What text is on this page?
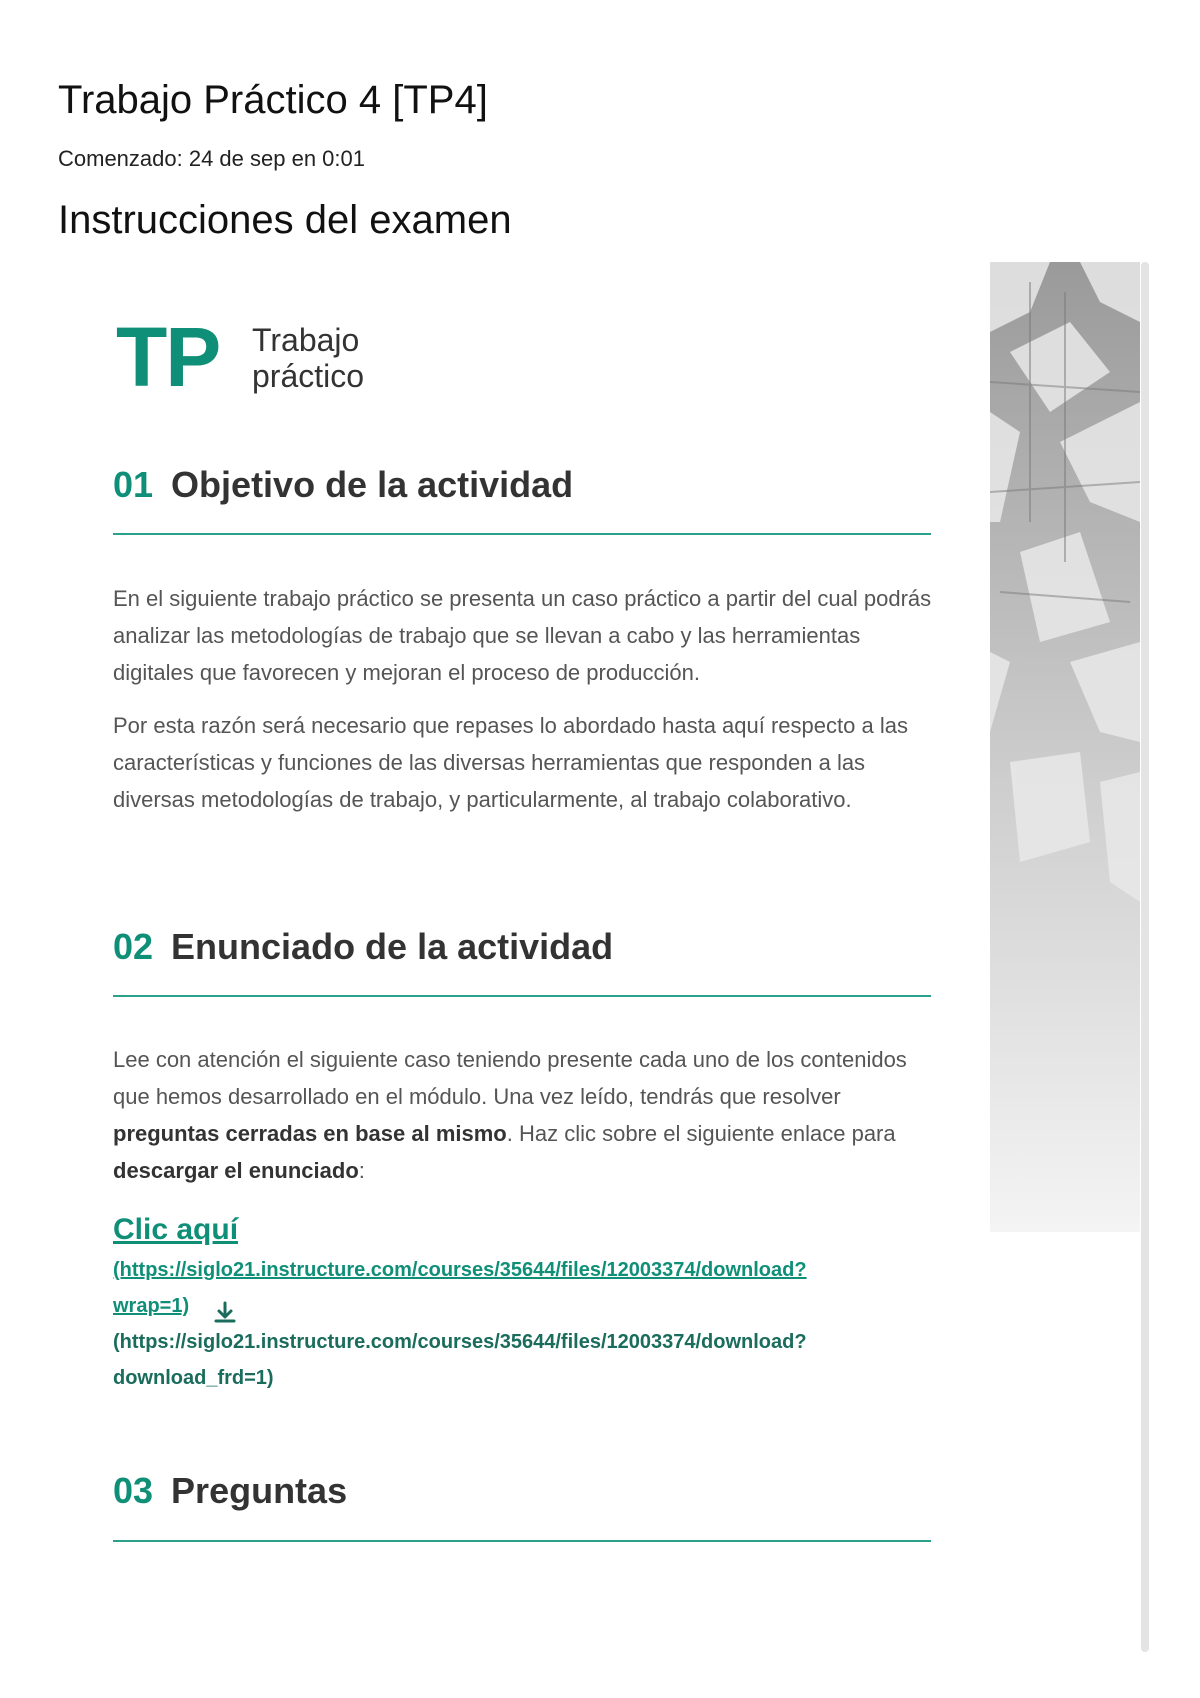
Trabajo Práctico 4 [TP4]
Comenzado: 24 de sep en 0:01
Instrucciones del examen
TP Trabajo
práctico
01 Objetivo de la actividad

En el siguiente trabajo práctico se presenta un caso práctico a partir del cual podrás analizar las metodologías de trabajo que se llevan a cabo y las herramientas digitales que favorecen y mejoran el proceso de producción.

Por esta razón será necesario que repases lo abordado hasta aquí respecto a las características y funciones de las diversas herramientas que responden a las diversas metodologías de trabajo, y particularmente, al trabajo colaborativo.

02 Enunciado de la actividad

Lee con atención el siguiente caso teniendo presente cada uno de los contenidos que hemos desarrollado en el módulo. Una vez leído, tendrás que resolver preguntas cerradas en base al mismo. Haz clic sobre el siguiente enlace para descargar el enunciado:

Clic aquí
(https://siglo21.instructure.com/courses/35644/files/12003374/download?
wrap=1)
(https://siglo21.instructure.com/courses/35644/files/12003374/download?
download_frd=1)
03 Preguntas
